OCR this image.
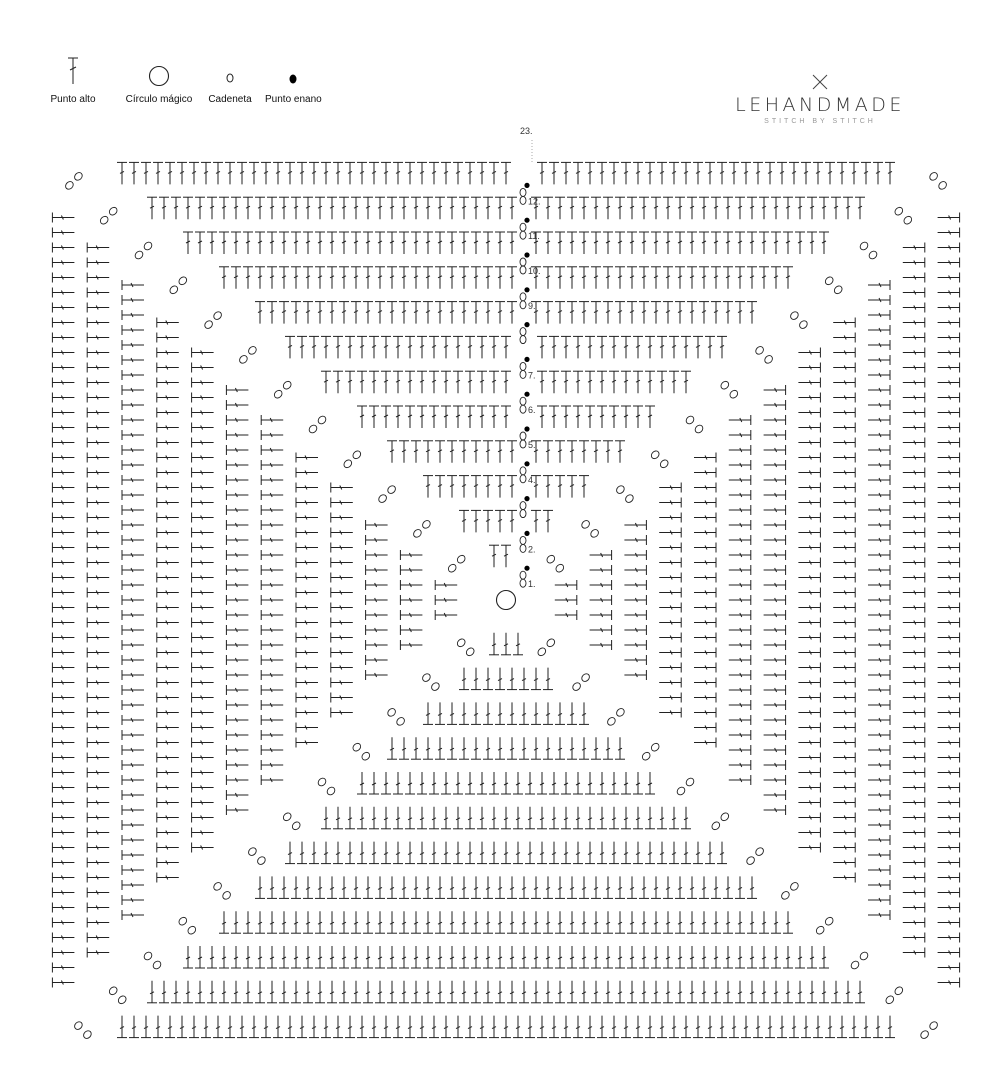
Punto alto	Círculo mágico	Cadeneta	Punto enano	LEHANDMADE
STITCH BY STITCH
23.
1.
2.
4.
5.
6.
7.
9.
10.
11.
12.
